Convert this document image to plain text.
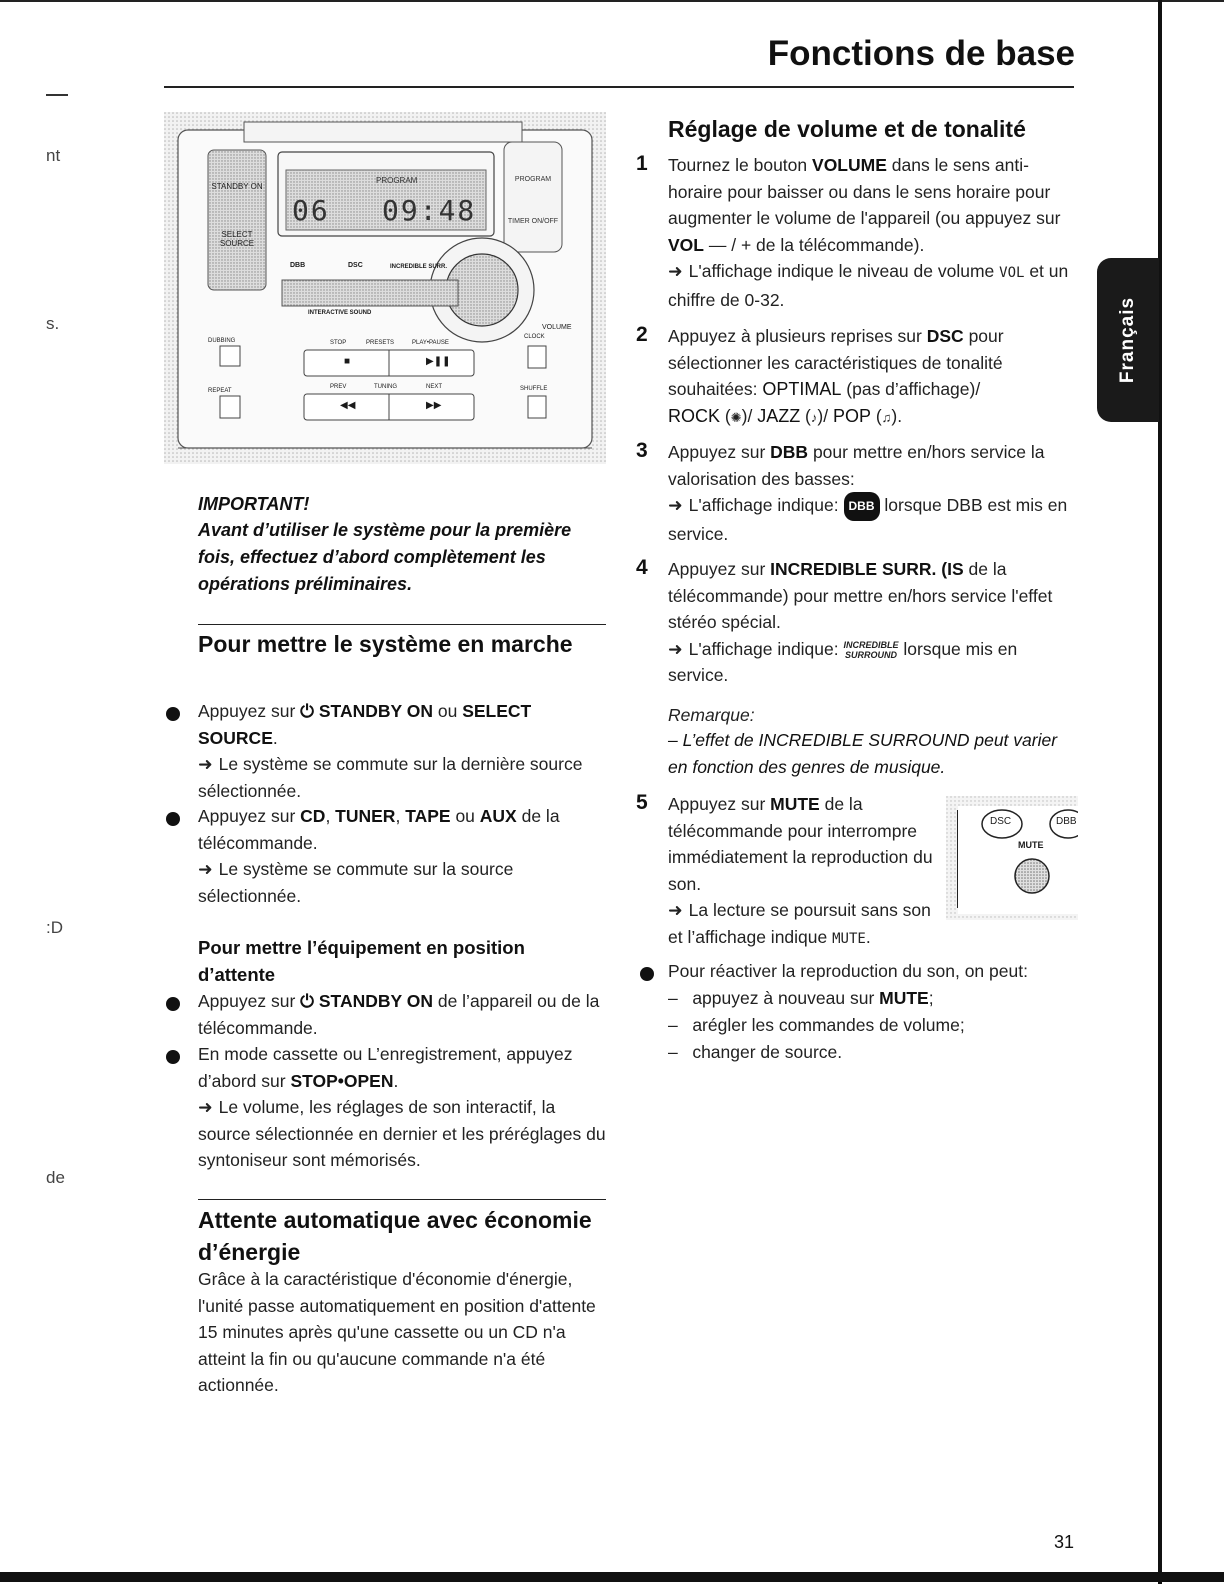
nt
s.
:D
de
Fonctions de base
Français
06 09:48
PROGRAM
STANDBY ON
SELECT SOURCE
PROGRAM
TIMER ON/OFF
DBB	DSC	INCREDIBLE SURR.
INTERACTIVE SOUND
VOLUME
CLOCK
SHUFFLE
STOP	PRESETS	PLAY•PAUSE
PREV	TUNING	NEXT
DUBBING
REPEAT
■	▶❚❚
◀◀	▶▶
IMPORTANT!
Avant d’utiliser le système pour la première fois, effectuez d’abord complètement les opérations préliminaires.
Pour mettre le système en marche
Appuyez sur ⏻ STANDBY ON ou SELECT SOURCE.
➜ Le système se commute sur la dernière source sélectionnée.
Appuyez sur CD, TUNER, TAPE ou AUX de la télécommande.
➜ Le système se commute sur la source sélectionnée.
Pour mettre l’équipement en position d’attente
Appuyez sur ⏻ STANDBY ON de l’appareil ou de la télécommande.
En mode cassette ou L’enregistrement, appuyez d’abord sur STOP•OPEN.
➜ Le volume, les réglages de son interactif, la source sélectionnée en dernier et les préréglages du syntoniseur sont mémorisés.
Attente automatique avec économie d’énergie
Grâce à la caractéristique d'économie d'énergie, l'unité passe automatiquement en position d'attente 15 minutes après qu'une cassette ou un CD n'a atteint la fin ou qu'aucune commande n'a été actionnée.
Réglage de volume et de tonalité
1 Tournez le bouton VOLUME dans le sens anti-horaire pour baisser ou dans le sens horaire pour augmenter le volume de l'appareil (ou appuyez sur VOL — / + de la télécommande).
➜ L'affichage indique le niveau de volume VOL et un chiffre de 0-32.
2 Appuyez à plusieurs reprises sur DSC pour sélectionner les caractéristiques de tonalité souhaitées: OPTIMAL (pas d’affichage)/
ROCK (✺)/ JAZZ (♪)/ POP (♫).
3 Appuyez sur DBB pour mettre en/hors service la valorisation des basses:
➜ L'affichage indique: DBB lorsque DBB est mis en service.
4 Appuyez sur INCREDIBLE SURR. (IS de la télécommande) pour mettre en/hors service l'effet stéréo spécial.
➜ L'affichage indique: INCREDIBLE
SURROUND lorsque mis en service.
Remarque:
– L’effet de INCREDIBLE SURROUND peut varier en fonction des genres de musique.
5 Appuyez sur MUTE de la télécommande pour interrompre immédiatement la reproduction du son.
➜ La lecture se poursuit sans son et l’affichage indique MUTE.
DSC	DBB
MUTE
Pour réactiver la reproduction du son, on peut:
–   appuyez à nouveau sur MUTE;
–   arégler les commandes de volume;
–   changer de source.
31
